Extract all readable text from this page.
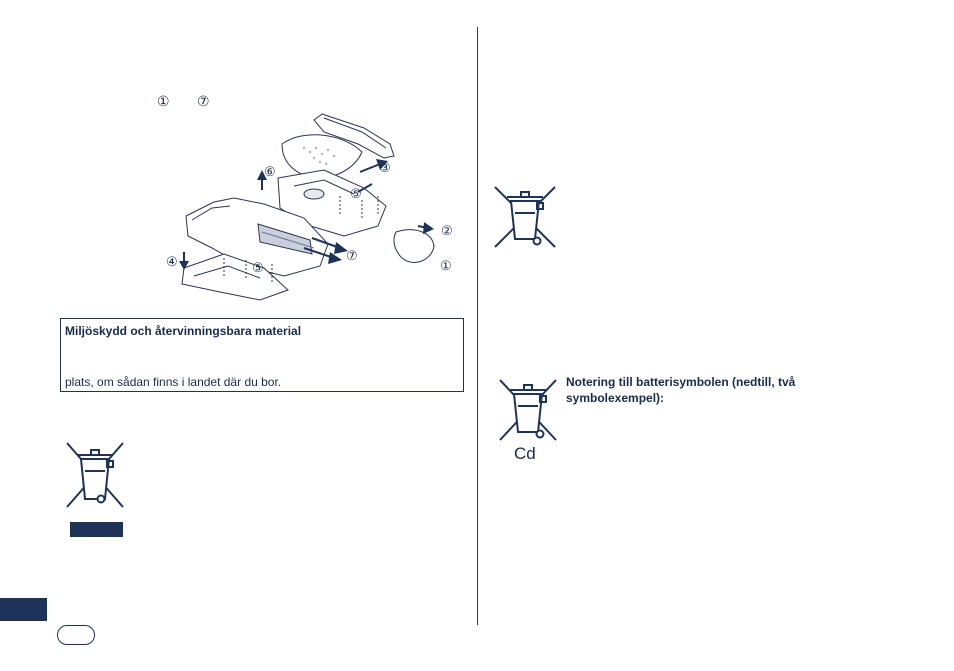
① ⑦
②
①
③
④
⑤
⑤
⑥
⑦
Miljöskydd och återvinningsbara material
plats, om sådan finns i landet där du bor.
Cd
Notering till batterisymbolen (nedtill, två symbolexempel):
